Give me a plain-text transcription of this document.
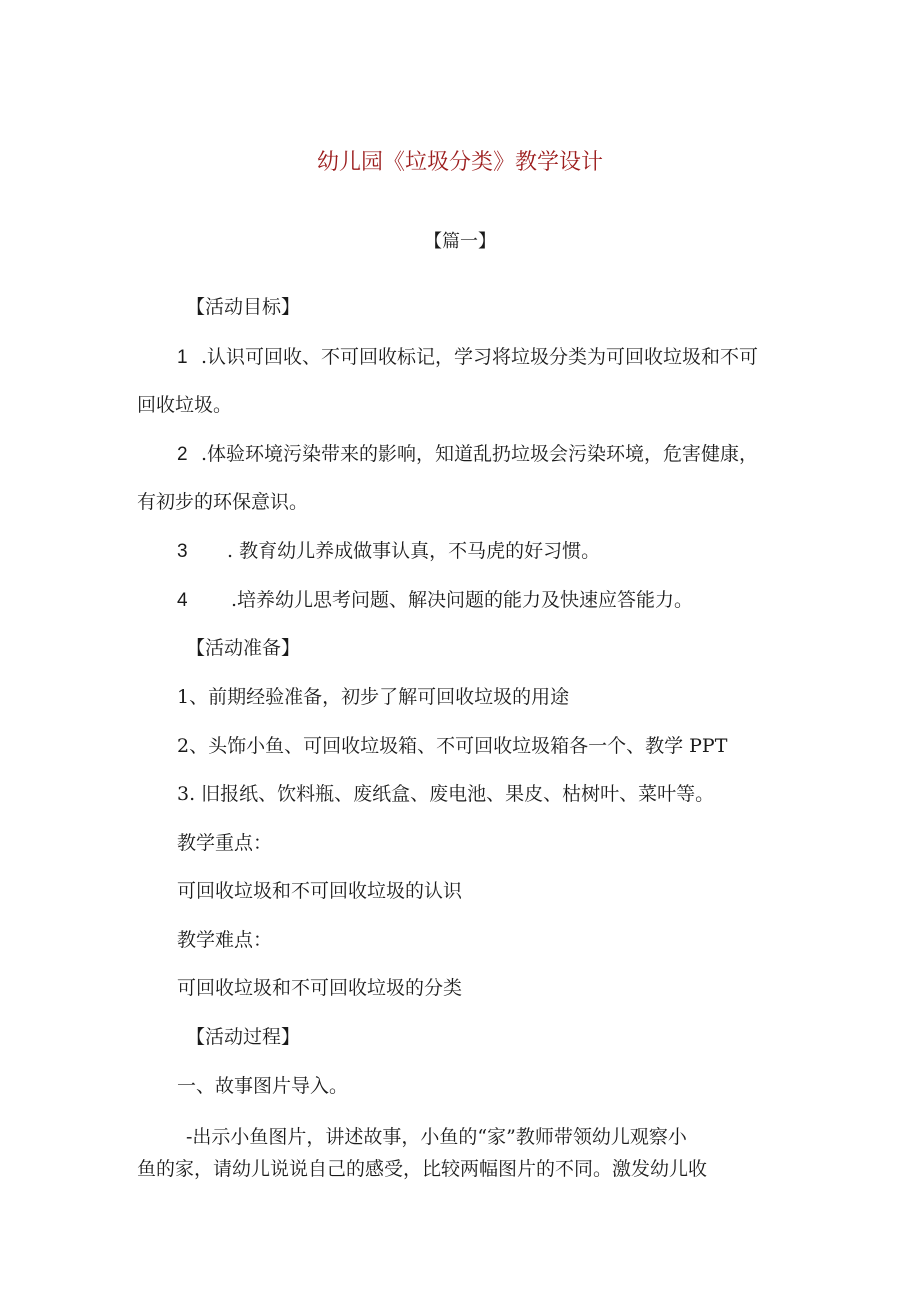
幼儿园《垃圾分类》教学设计
【篇一】
【活动目标】
1 .认识可回收、不可回收标记，学习将垃圾分类为可回收垃圾和不可
回收垃圾。
2 .体验环境污染带来的影响，知道乱扔垃圾会污染环境，危害健康，
有初步的环保意识。
3 . 教育幼儿养成做事认真，不马虎的好习惯。
4 .培养幼儿思考问题、解决问题的能力及快速应答能力。
【活动准备】
1、前期经验准备，初步了解可回收垃圾的用途
2、头饰小鱼、可回收垃圾箱、不可回收垃圾箱各一个、教学 PPT
3. 旧报纸、饮料瓶、废纸盒、废电池、果皮、枯树叶、菜叶等。
教学重点：
可回收垃圾和不可回收垃圾的认识
教学难点：
可回收垃圾和不可回收垃圾的分类
【活动过程】
一、故事图片导入。
-出示小鱼图片，讲述故事，小鱼的“家”教师带领幼儿观察小
鱼的家，请幼儿说说自己的感受，比较两幅图片的不同。激发幼儿收
